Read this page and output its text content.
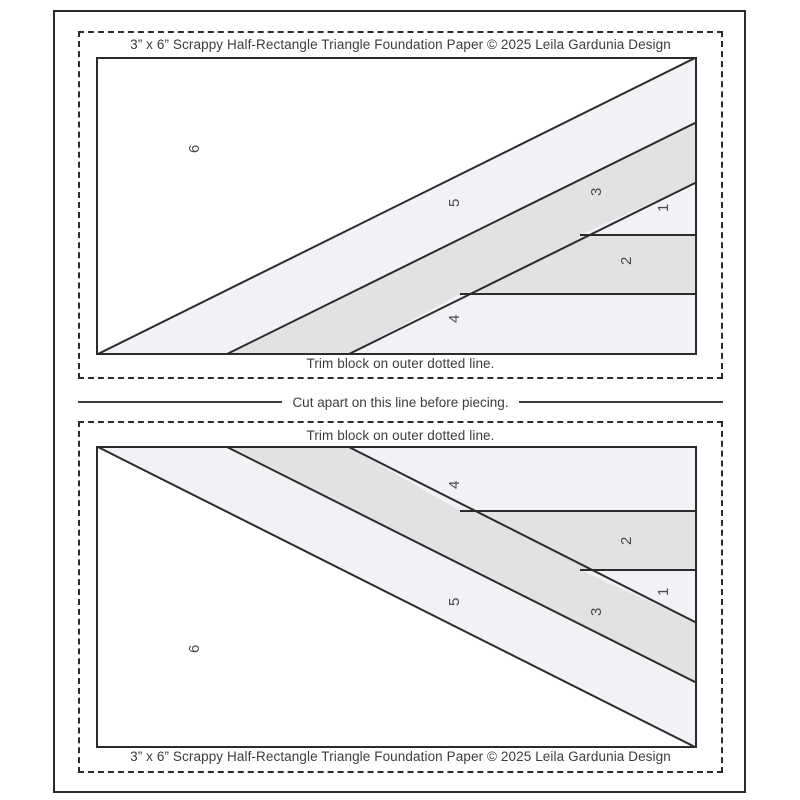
3” x 6” Scrappy Half-Rectangle Triangle Foundation Paper © 2025 Leila Gardunia Design
1
2
3
4
5
6
Trim block on outer dotted line.
Cut apart on this line before piecing.
Trim block on outer dotted line.
1
2
3
4
5
6
3” x 6” Scrappy Half-Rectangle Triangle Foundation Paper © 2025 Leila Gardunia Design
